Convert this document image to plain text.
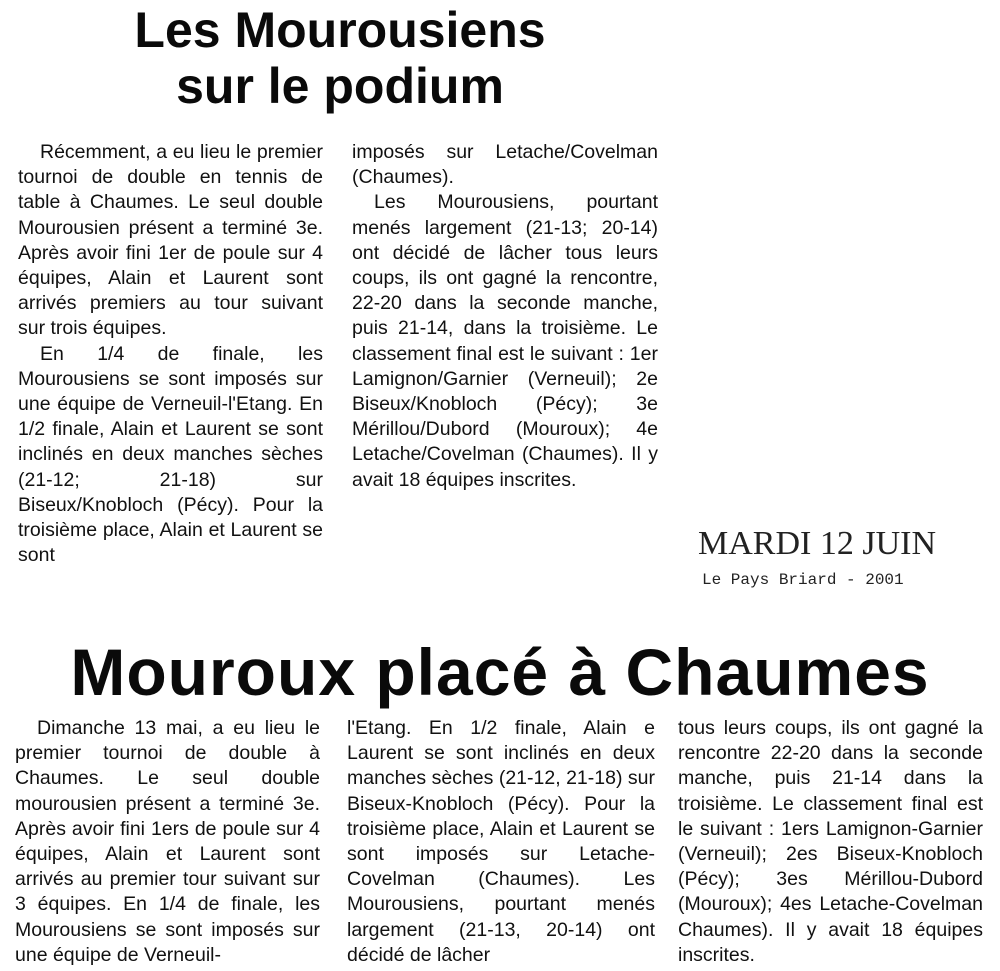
Les Mourousiens
sur le podium

Récemment, a eu lieu le premier tournoi de double en tennis de table à Chaumes. Le seul double Mourousien présent a terminé 3e. Après avoir fini 1er de poule sur 4 équipes, Alain et Laurent sont arrivés premiers au tour suivant sur trois équipes.

En 1/4 de finale, les Mourousiens se sont imposés sur une équipe de Verneuil-l'Etang. En 1/2 finale, Alain et Laurent se sont inclinés en deux manches sèches (21-12; 21-18) sur Biseux/Knobloch (Pécy). Pour la troisième place, Alain et Laurent se sont

imposés sur Letache/Covelman (Chaumes).

Les Mourousiens, pourtant menés largement (21-13; 20-14) ont décidé de lâcher tous leurs coups, ils ont gagné la rencontre, 22-20 dans la seconde manche, puis 21-14, dans la troisième. Le classement final est le suivant : 1er Lamignon/Garnier (Verneuil); 2e Biseux/Knobloch (Pécy); 3e Mérillou/Dubord (Mouroux); 4e Letache/Covelman (Chaumes). Il y avait 18 équipes inscrites.

MARDI 12 JUIN
Le Pays Briard - 2001
Mouroux placé à Chaumes

Dimanche 13 mai, a eu lieu le premier tournoi de double à Chaumes. Le seul double mourousien présent a terminé 3e. Après avoir fini 1ers de poule sur 4 équipes, Alain et Laurent sont arrivés au premier tour suivant sur 3 équipes. En 1/4 de finale, les Mourousiens se sont imposés sur une équipe de Verneuil-

l'Etang. En 1/2 finale, Alain e Laurent se sont inclinés en deux manches sèches (21-12, 21-18) sur Biseux-Knobloch (Pécy). Pour la troisième place, Alain et Laurent se sont imposés sur Letache-Covelman (Chaumes). Les Mourousiens, pourtant menés largement (21-13, 20-14) ont décidé de lâcher

tous leurs coups, ils ont gagné la rencontre 22-20 dans la seconde manche, puis 21-14 dans la troisième. Le classement final est le suivant : 1ers Lamignon-Garnier (Verneuil); 2es Biseux-Knobloch (Pécy); 3es Mérillou-Dubord (Mouroux); 4es Letache-Covelman Chaumes). Il y avait 18 équipes inscrites.
